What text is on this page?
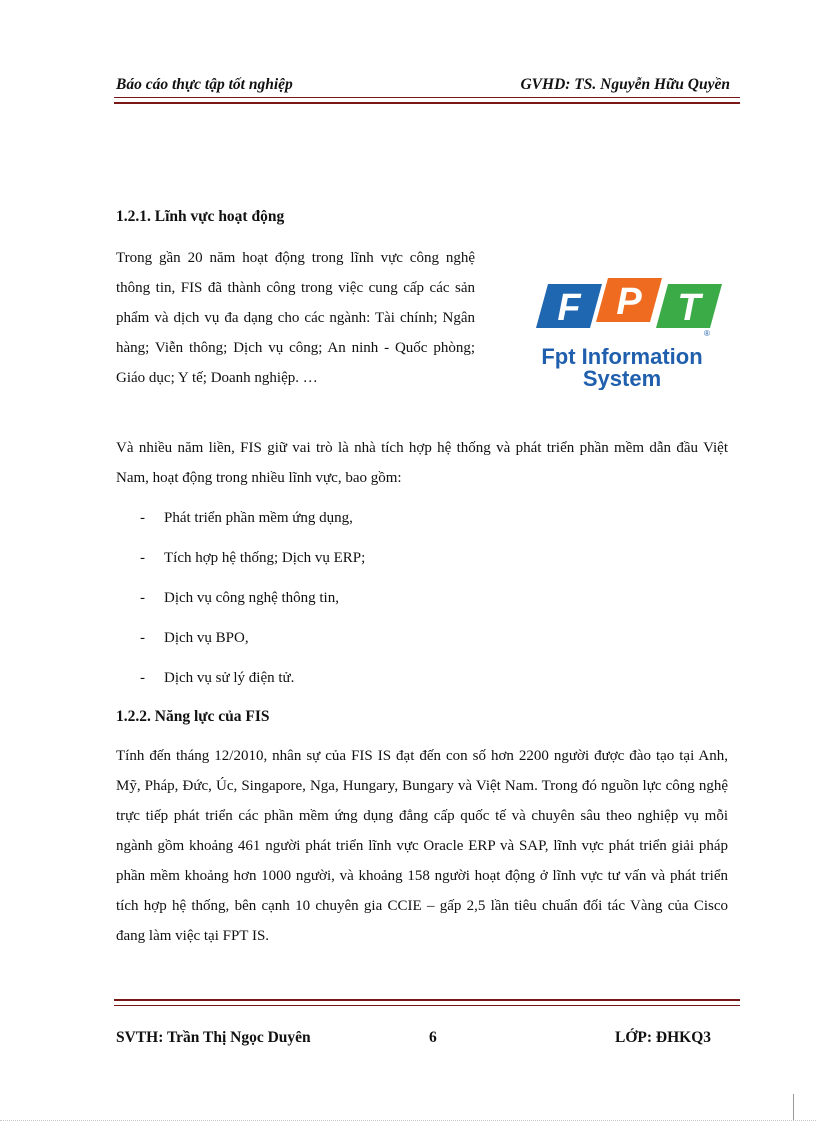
Báo cáo thực tập tốt nghiệp	GVHD: TS. Nguyễn Hữu Quyền
1.2.1. Lĩnh vực hoạt động

Trong gần 20 năm hoạt động trong lĩnh vực công nghệ thông tin, FIS đã thành công trong việc cung cấp các sản phẩm và dịch vụ đa dạng cho các ngành: Tài chính; Ngân hàng; Viễn thông; Dịch vụ công; An ninh - Quốc phòng; Giáo dục; Y tế; Doanh nghiệp. …

F P T
®
Fpt Information
System

Và nhiều năm liền, FIS giữ vai trò là nhà tích hợp hệ thống và phát triển phần mềm dẫn đầu Việt Nam, hoạt động trong nhiều lĩnh vực, bao gồm:

- Phát triển phần mềm ứng dụng,
- Tích hợp hệ thống; Dịch vụ ERP;
- Dịch vụ công nghệ thông tin,
- Dịch vụ BPO,
- Dịch vụ sử lý điện tử.
1.2.2. Năng lực của FIS

Tính đến tháng 12/2010, nhân sự của FIS IS đạt đến con số hơn 2200 người được đào tạo tại Anh, Mỹ, Pháp, Đức, Úc, Singapore, Nga, Hungary, Bungary và Việt Nam. Trong đó nguồn lực công nghệ trực tiếp phát triển các phần mềm ứng dụng đẳng cấp quốc tế và chuyên sâu theo nghiệp vụ mỗi ngành gồm khoảng 461 người phát triển lĩnh vực Oracle ERP và SAP, lĩnh vực phát triển giải pháp phần mềm khoảng hơn 1000 người, và khoảng 158 người hoạt động ở lĩnh vực tư vấn và phát triển tích hợp hệ thống, bên cạnh 10 chuyên gia CCIE – gấp 2,5 lần tiêu chuẩn đối tác Vàng của Cisco đang làm việc tại FPT IS.

SVTH: Trần Thị Ngọc Duyên	6	LỚP: ĐHKQ3
